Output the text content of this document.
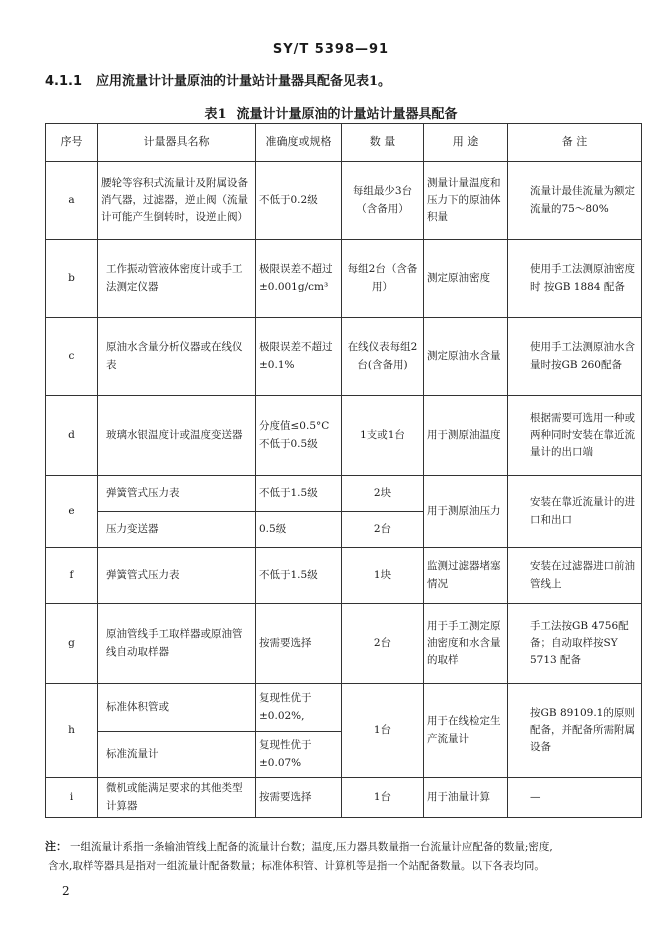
SY/T 5398—91
4.1.1 应用流量计计量原油的计量站计量器具配备见表1。
表1 流量计计量原油的计量站计量器具配备
序号	计量器具名称	准确度或规格	数 量	用 途	备 注
a	腰轮等容积式流量计及附属设备消气器，过滤器，逆止阀（流量计可能产生倒转时，设逆止阀）	不低于0.2级	每组最少3台（含备用）	测量计量温度和压力下的原油体积量	流量计最佳流量为额定流量的75～80%
b	工作振动管液体密度计或手工法测定仪器	极限误差不超过±0.001g/cm³	每组2台（含备用）	测定原油密度	使用手工法测原油密度时 按GB 1884 配备
c	原油水含量分析仪器或在线仪表	极限误差不超过±0.1%	在线仪表每组2台(含备用)	测定原油水含量	使用手工法测原油水含量时按GB 260配备
d	玻璃水银温度计或温度变送器	分度值≤0.5°C 不低于0.5级	1支或1台	用于测原油温度	根据需要可选用一种或两种同时安装在靠近流量计的出口端
e	弹簧管式压力表	不低于1.5级	2块	用于测原油压力	安装在靠近流量计的进口和出口
	压力变送器	0.5级	2台		
f	弹簧管式压力表	不低于1.5级	1块	监测过滤器堵塞情况	安装在过滤器进口前油管线上
g	原油管线手工取样器或原油管线自动取样器	按需要选择	2台	用于手工测定原油密度和水含量的取样	手工法按GB 4756配备；自动取样按SY 5713 配备
h	标准体积管或	复现性优于±0.02%,	1台	用于在线检定生产流量计	按GB 89109.1的原则配备，并配备所需附属设备
	标准流量计	复现性优于±0.07%			
i	微机或能满足要求的其他类型计算器	按需要选择	1台	用于油量计算	—
注： 一组流量计系指一条输油管线上配备的流量计台数；温度,压力器具数量指一台流量计应配备的数量;密度,
含水,取样等器具是指对一组流量计配备数量；标准体积管、计算机等是指一个站配备数量。以下各表均同。
2
